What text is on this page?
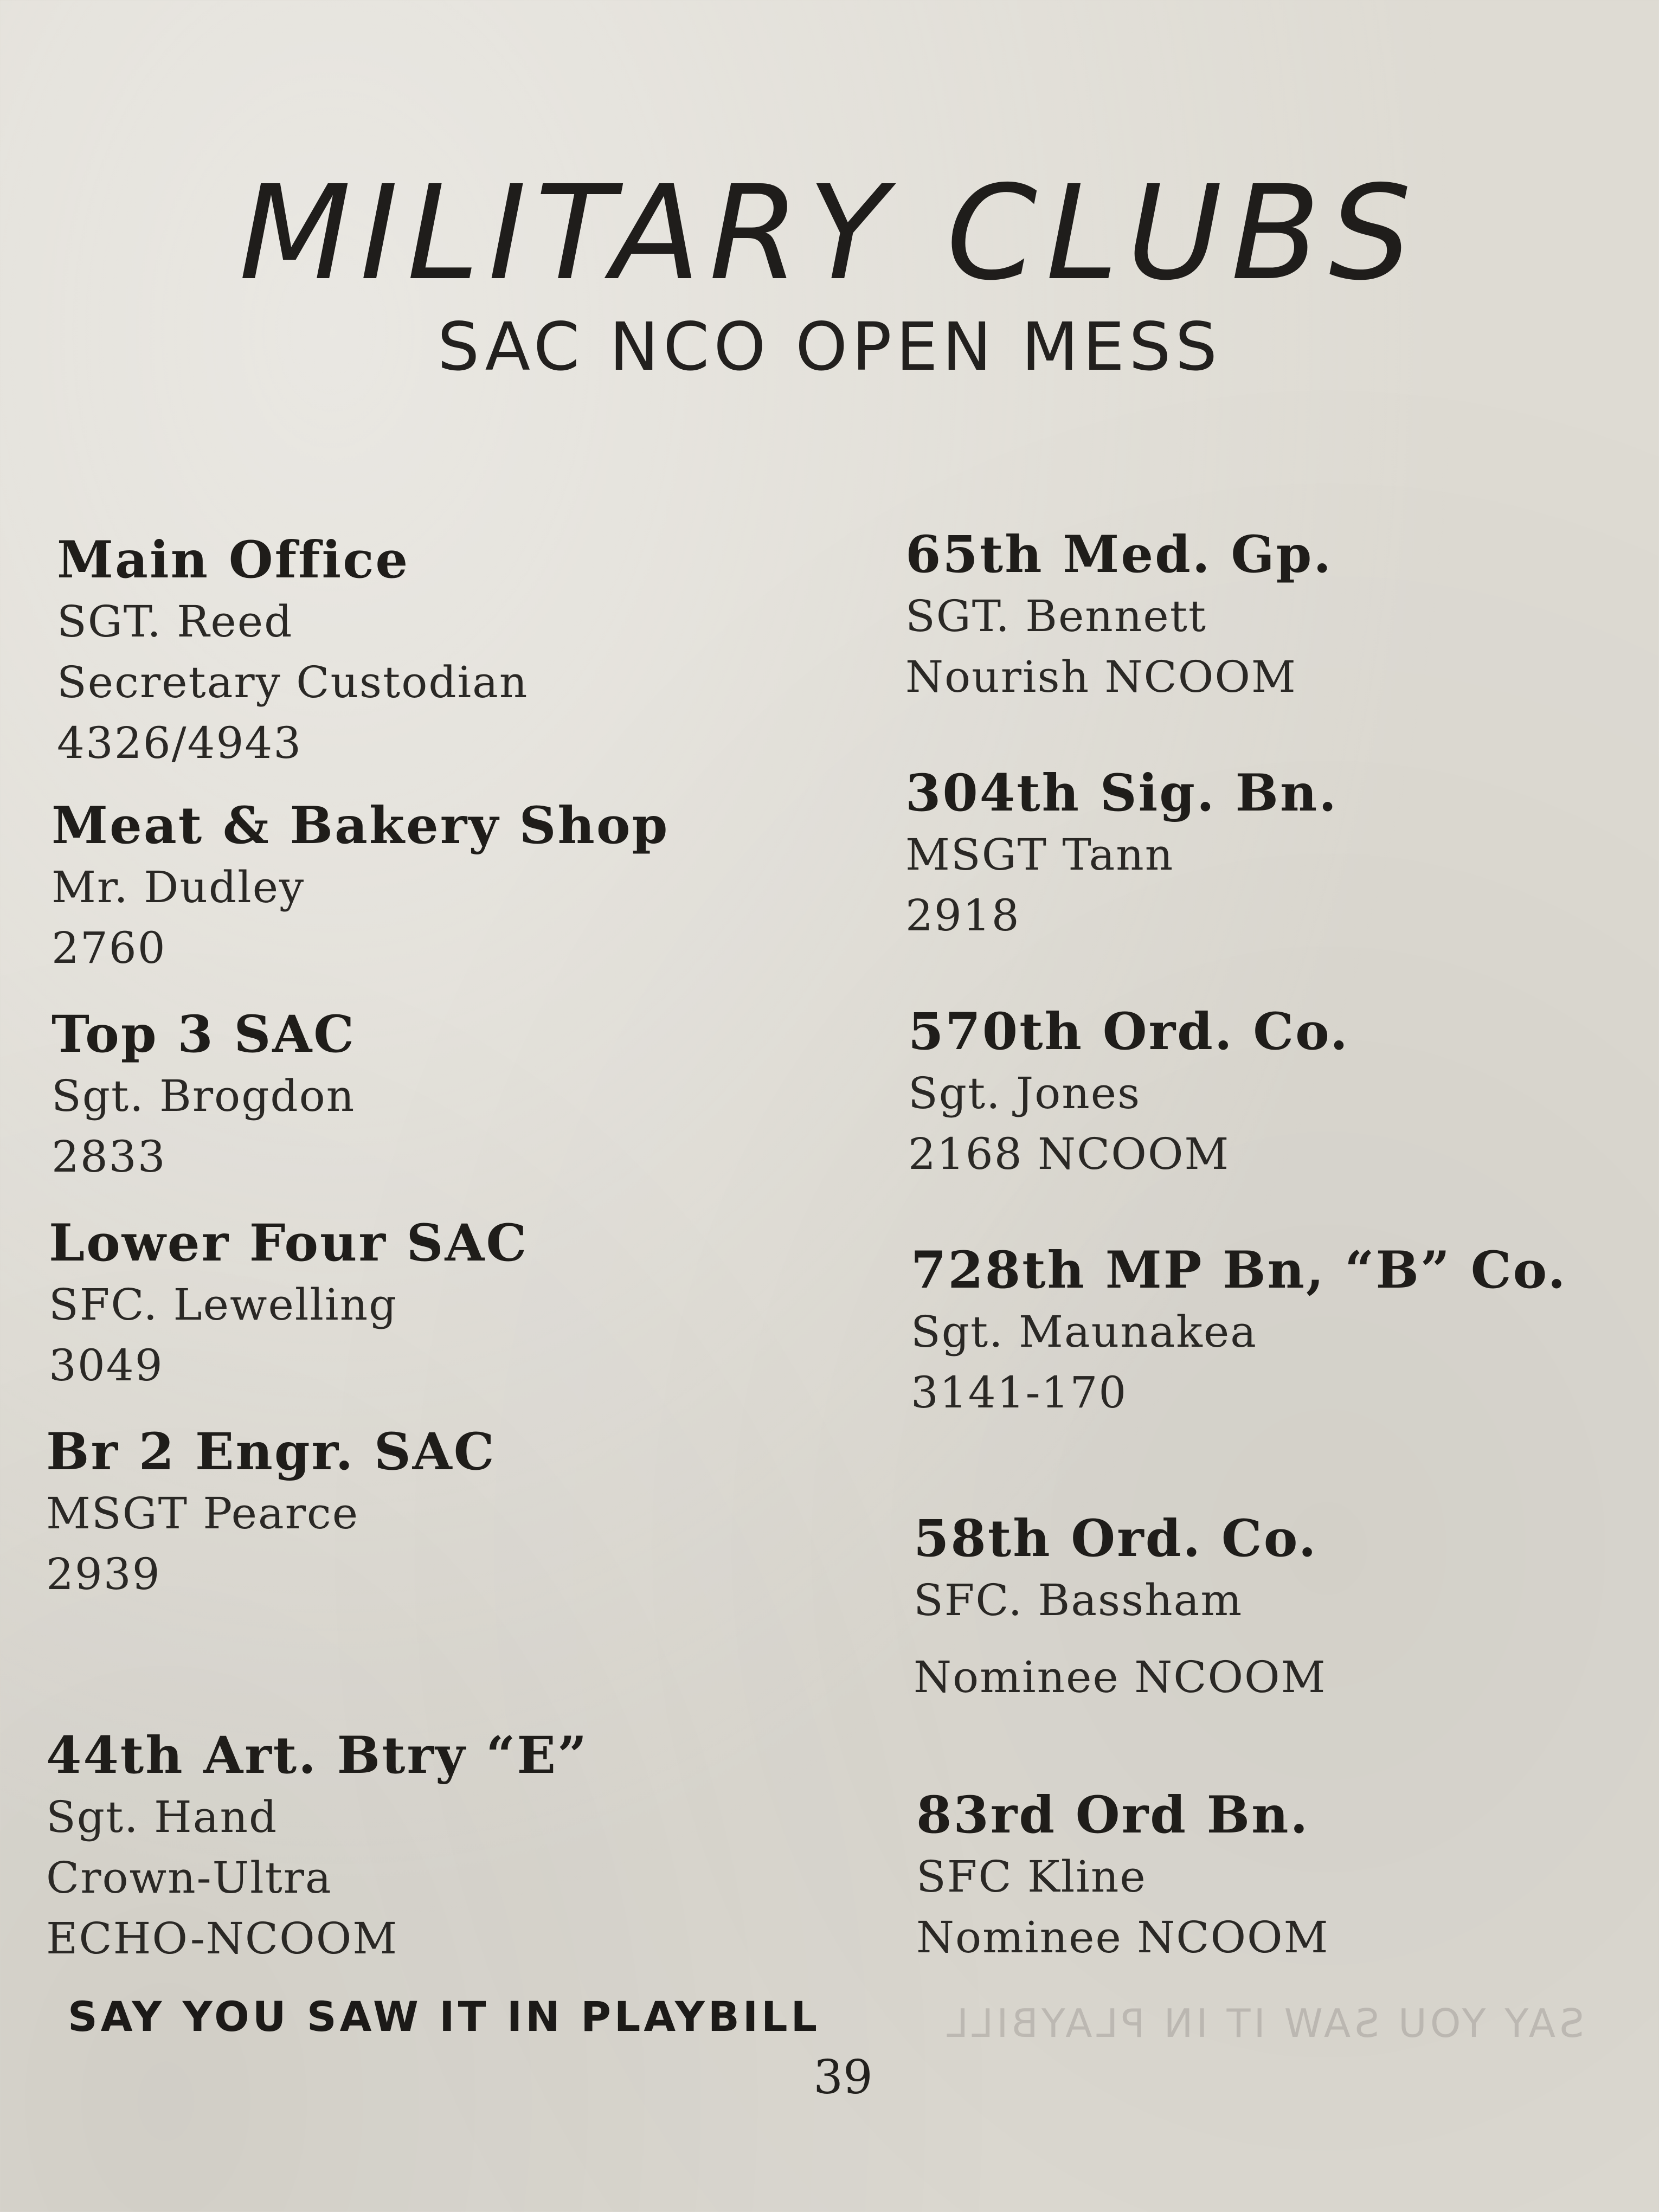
MILITARY CLUBS
SAC NCO OPEN MESS
Main Office
SGT. Reed
Secretary Custodian
4326/4943
Meat & Bakery Shop
Mr. Dudley
2760
Top 3 SAC
Sgt. Brogdon
2833
Lower Four SAC
SFC. Lewelling
3049
Br 2 Engr. SAC
MSGT Pearce
2939
44th Art. Btry “E”
Sgt. Hand
Crown-Ultra
ECHO-NCOOM
65th Med. Gp.
SGT. Bennett
Nourish NCOOM
304th Sig. Bn.
MSGT Tann
2918
570th Ord. Co.
Sgt. Jones
2168 NCOOM
728th MP Bn, “B” Co.
Sgt. Maunakea
3141-170
58th Ord. Co.
SFC. Bassham
Nominee NCOOM
83rd Ord Bn.
SFC Kline
Nominee NCOOM
SAY YOU SAW IT IN PLAYBILL	SAY YOU SAW IT IN PLAYBILL
39
